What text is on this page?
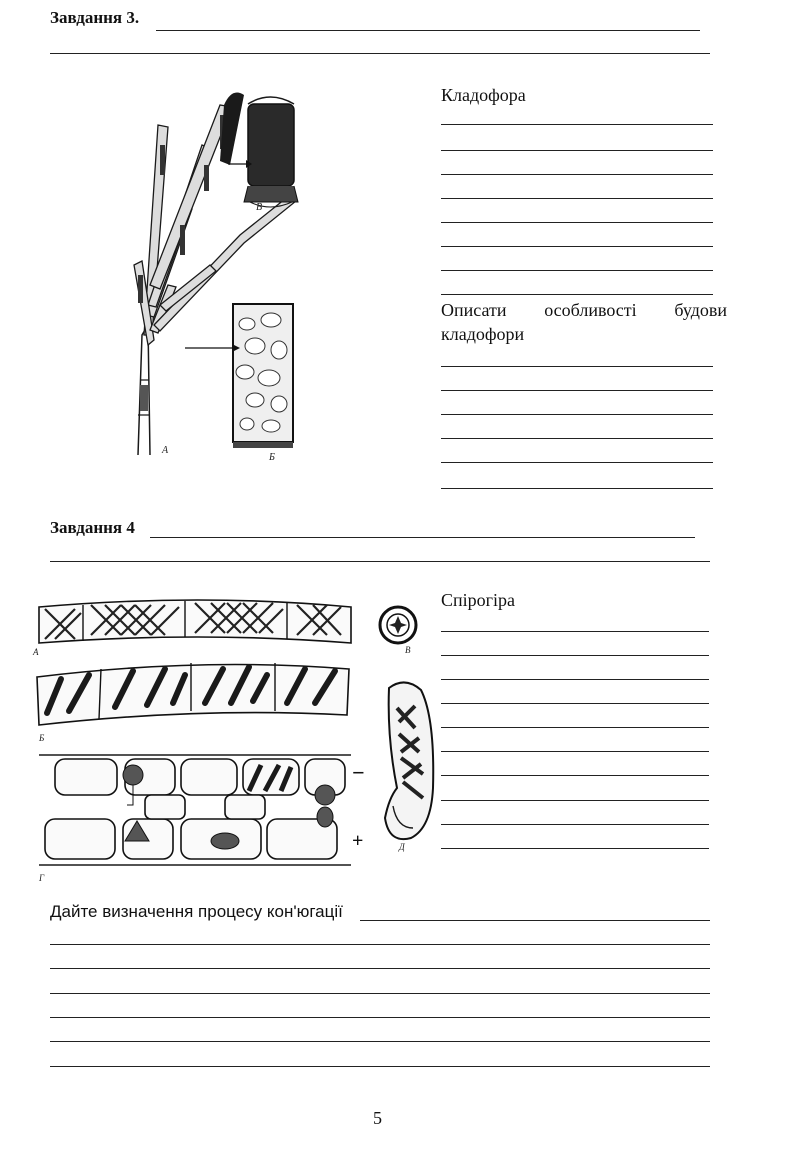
Завдання 3.
А
В
Б
Кладофора
Описати особливості будови
кладофори
Завдання 4
А
Б
Г
−
+
В
Д
Спірогіра
Дайте визначення процесу кон'югації
5
